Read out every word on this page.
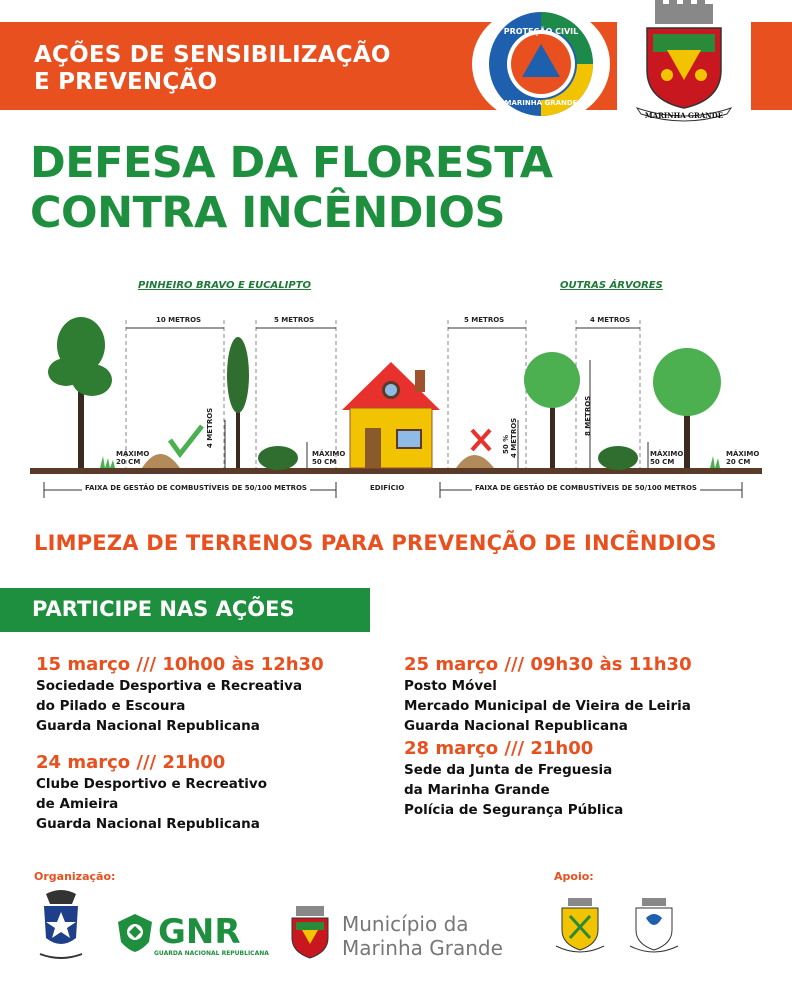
AÇÕES DE SENSIBILIZAÇÃO
E PREVENÇÃO
PROTEÇÃO CIVIL
MARINHA GRANDE
MARINHA GRANDE
DEFESA DA FLORESTA
CONTRA INCÊNDIOS
PINHEIRO BRAVO E EUCALIPTO	OUTRAS ÁRVORES
10 METROS	5 METROS	5 METROS	4 METROS
MÁXIMO
20 CM
MÁXIMO
50 CM
MÁXIMO
50 CM
MÁXIMO
20 CM
4 METROS	50 % 4 METROS
8 METROS
FAIXA DE GESTÃO DE COMBUSTÍVEIS DE 50/100 METROS	EDIFÍCIO	FAIXA DE GESTÃO DE COMBUSTÍVEIS DE 50/100 METROS
LIMPEZA DE TERRENOS PARA PREVENÇÃO DE INCÊNDIOS
PARTICIPE NAS AÇÕES
15 março /// 10h00 às 12h30
Sociedade Desportiva e Recreativa
do Pilado e Escoura
Guarda Nacional Republicana
24 março /// 21h00
Clube Desportivo e Recreativo
de Amieira
Guarda Nacional Republicana
25 março /// 09h30 às 11h30
Posto Móvel
Mercado Municipal de Vieira de Leiria
Guarda Nacional Republicana
28 março /// 21h00
Sede da Junta de Freguesia
da Marinha Grande
Polícia de Segurança Pública
Organização:	Apoio:
GNR
GUARDA NACIONAL REPUBLICANA
Município da
Marinha Grande
